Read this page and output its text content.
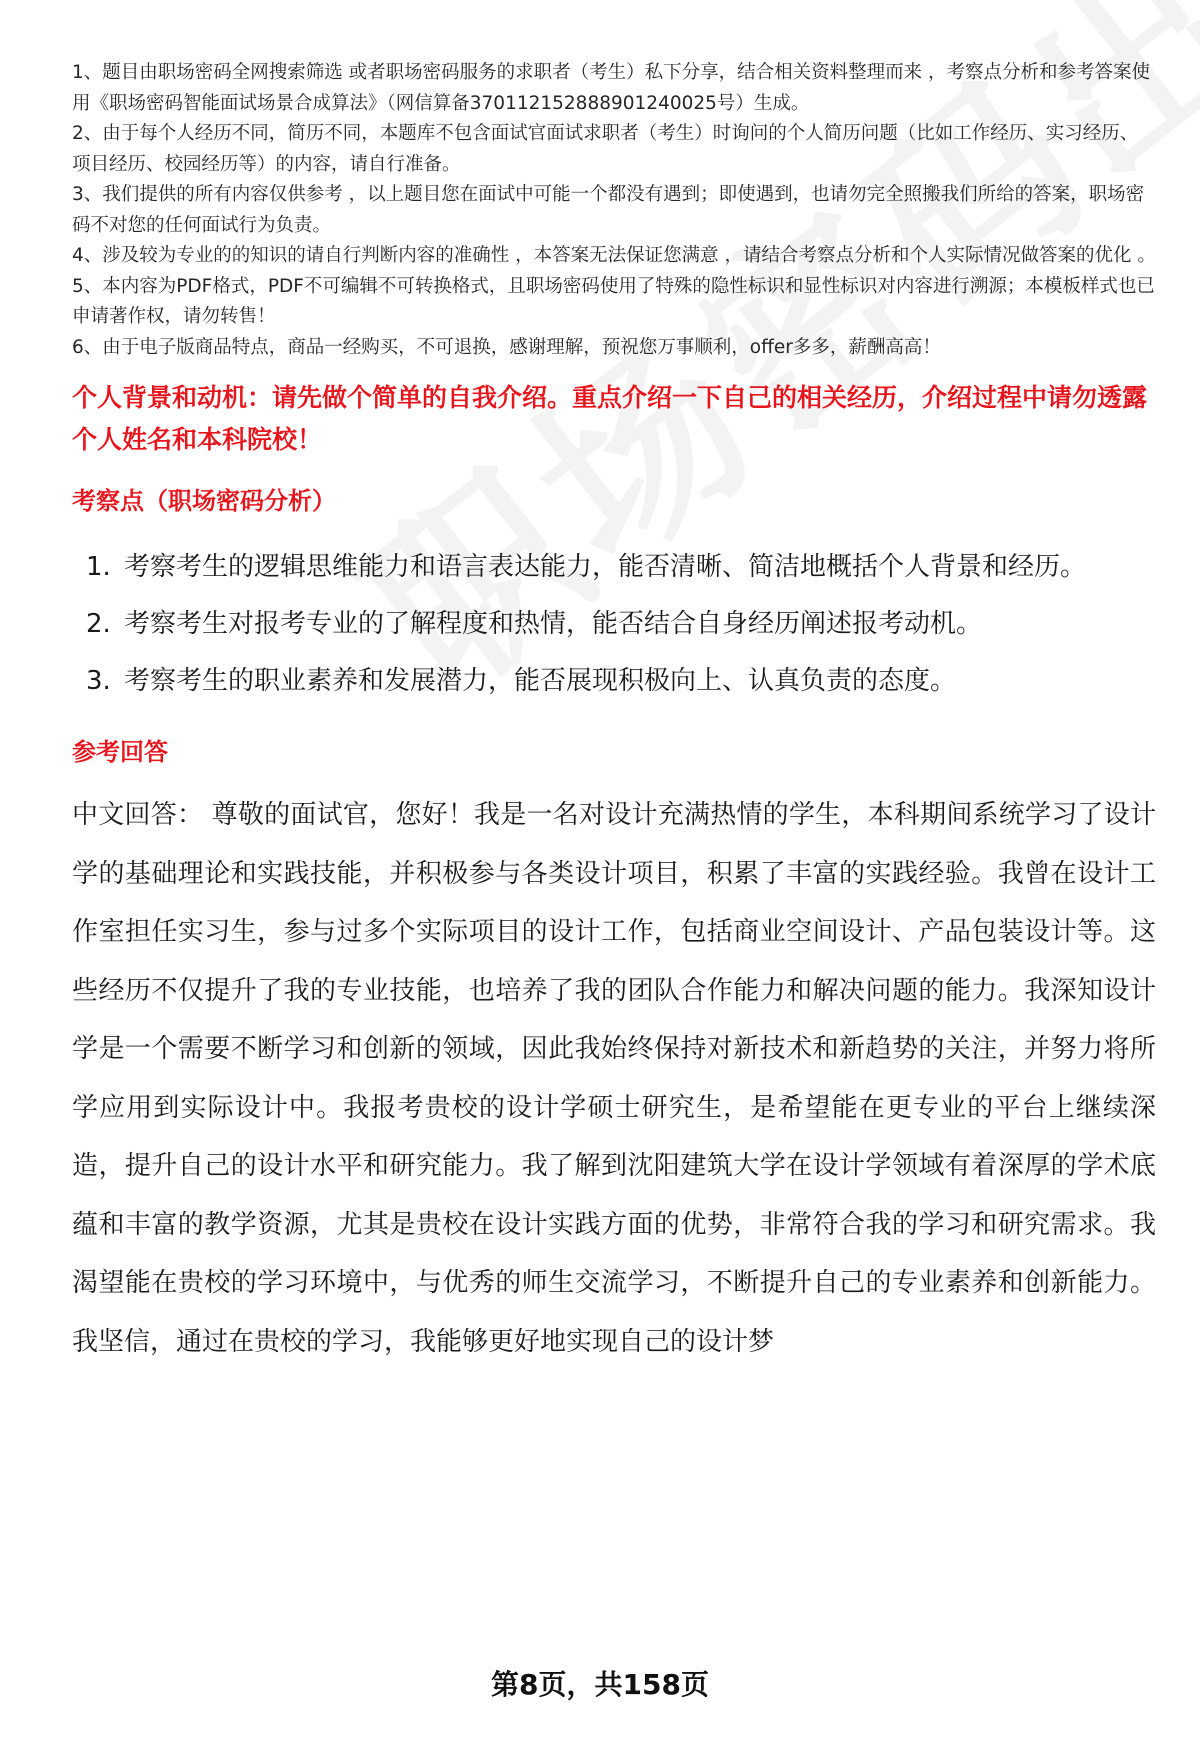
1、题目由职场密码全网搜索筛选 或者职场密码服务的求职者（考生）私下分享，结合相关资料整理而来 ，考察点分析和参考答案使用《职场密码智能面试场景合成算法》（网信算备370112152888901240025号）生成。

2、由于每个人经历不同，简历不同，本题库不包含面试官面试求职者（考生）时询问的个人简历问题（比如工作经历、实习经历、项目经历、校园经历等）的内容，请自行准备。

3、我们提供的所有内容仅供参考 ，以上题目您在面试中可能一个都没有遇到；即使遇到，也请勿完全照搬我们所给的答案，职场密码不对您的任何面试行为负责。

4、涉及较为专业的的知识的请自行判断内容的准确性 ，本答案无法保证您满意 ，请结合考察点分析和个人实际情况做答案的优化 。

5、本内容为PDF格式，PDF不可编辑不可转换格式，且职场密码使用了特殊的隐性标识和显性标识对内容进行溯源；本模板样式也已申请著作权，请勿转售！

6、由于电子版商品特点，商品一经购买，不可退换，感谢理解，预祝您万事顺利，offer多多，薪酬高高！

个人背景和动机：请先做个简单的自我介绍。重点介绍一下自己的相关经历，介绍过程中请勿透露个人姓名和本科院校！

考察点（职场密码分析）

1. 考察考生的逻辑思维能力和语言表达能力，能否清晰、简洁地概括个人背景和经历。
2. 考察考生对报考专业的了解程度和热情，能否结合自身经历阐述报考动机。
3. 考察考生的职业素养和发展潜力，能否展现积极向上、认真负责的态度。

参考回答

中文回答： 尊敬的面试官，您好！我是一名对设计充满热情的学生，本科期间系统学习了设计学的基础理论和实践技能，并积极参与各类设计项目，积累了丰富的实践经验。我曾在设计工作室担任实习生，参与过多个实际项目的设计工作，包括商业空间设计、产品包装设计等。这些经历不仅提升了我的专业技能，也培养了我的团队合作能力和解决问题的能力。我深知设计学是一个需要不断学习和创新的领域，因此我始终保持对新技术和新趋势的关注，并努力将所学应用到实际设计中。我报考贵校的设计学硕士研究生，是希望能在更专业的平台上继续深造，提升自己的设计水平和研究能力。我了解到沈阳建筑大学在设计学领域有着深厚的学术底蕴和丰富的教学资源，尤其是贵校在设计实践方面的优势，非常符合我的学习和研究需求。我渴望能在贵校的学习环境中，与优秀的师生交流学习，不断提升自己的专业素养和创新能力。我坚信，通过在贵校的学习，我能够更好地实现自己的设计梦

第8页，共158页
